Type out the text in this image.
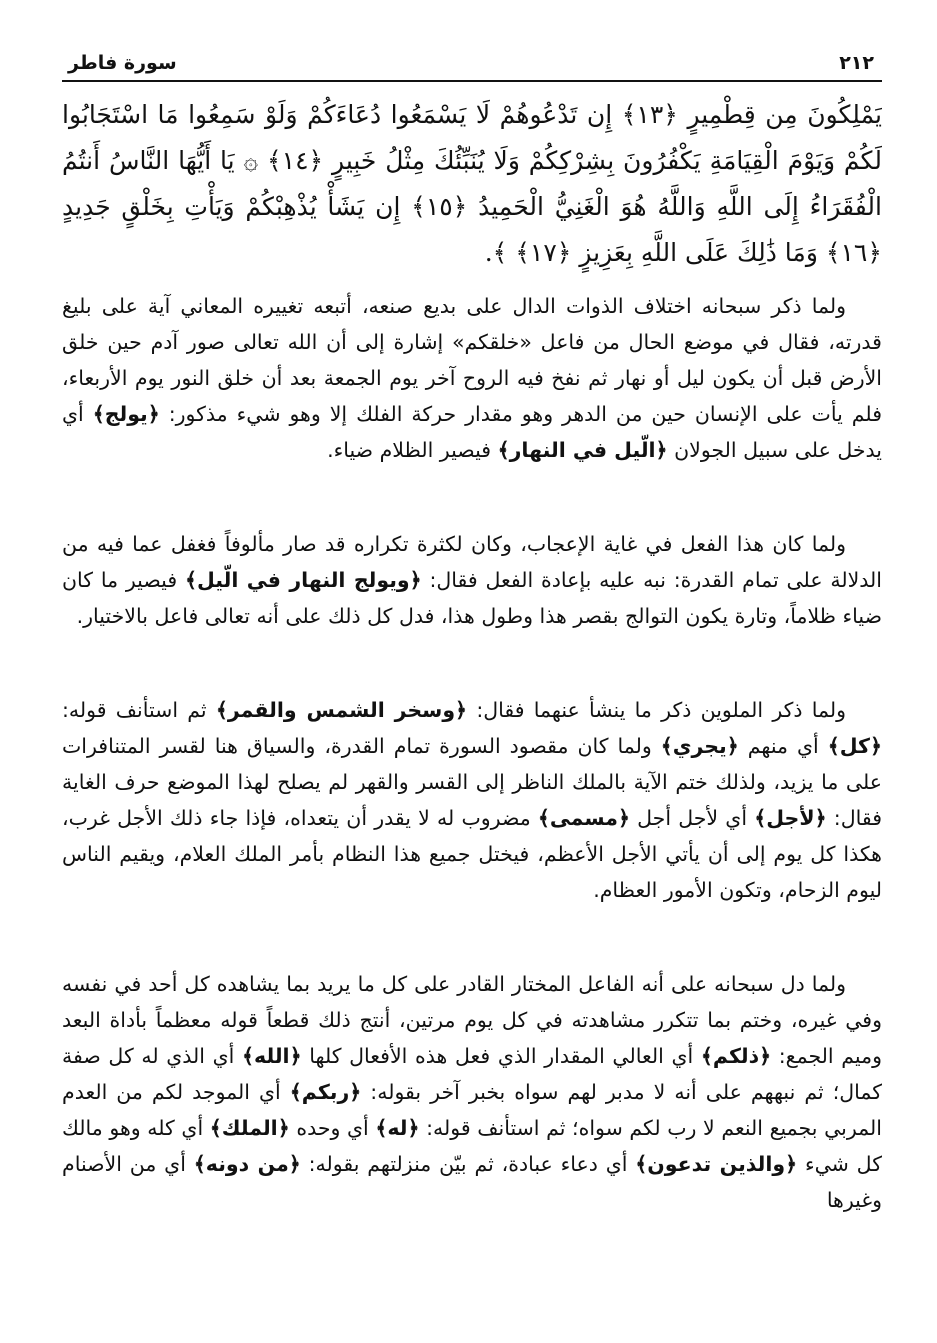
٢١٢
سورة فاطر
يَمْلِكُونَ مِن قِطْمِيرٍ ﴿١٣﴾ إِن تَدْعُوهُمْ لَا يَسْمَعُوا دُعَاءَكُمْ وَلَوْ سَمِعُوا مَا اسْتَجَابُوا لَكُمْ وَيَوْمَ الْقِيَامَةِ يَكْفُرُونَ بِشِرْكِكُمْ وَلَا يُنَبِّئُكَ مِثْلُ خَبِيرٍ ﴿١٤﴾ ۞ يَا أَيُّهَا النَّاسُ أَنتُمُ الْفُقَرَاءُ إِلَى اللَّهِ وَاللَّهُ هُوَ الْغَنِيُّ الْحَمِيدُ ﴿١٥﴾ إِن يَشَأْ يُذْهِبْكُمْ وَيَأْتِ بِخَلْقٍ جَدِيدٍ ﴿١٦﴾ وَمَا ذَٰلِكَ عَلَى اللَّهِ بِعَزِيزٍ ﴿١٧﴾ ﴾.
ولما ذكر سبحانه اختلاف الذوات الدال على بديع صنعه، أتبعه تغييره المعاني آية على بليغ قدرته، فقال في موضع الحال من فاعل «خلقكم» إشارة إلى أن الله تعالى صور آدم حين خلق الأرض قبل أن يكون ليل أو نهار ثم نفخ فيه الروح آخر يوم الجمعة بعد أن خلق النور يوم الأربعاء، فلم يأت على الإنسان حين من الدهر وهو مقدار حركة الفلك إلا وهو شيء مذكور: ﴿يولج﴾ أي يدخل على سبيل الجولان ﴿الّيل في النهار﴾ فيصير الظلام ضياء.
ولما كان هذا الفعل في غاية الإعجاب، وكان لكثرة تكراره قد صار مألوفاً فغفل عما فيه من الدلالة على تمام القدرة: نبه عليه بإعادة الفعل فقال: ﴿ويولج النهار في الّيل﴾ فيصير ما كان ضياء ظلاماً، وتارة يكون التوالج بقصر هذا وطول هذا، فدل كل ذلك على أنه تعالى فاعل بالاختيار.
ولما ذكر الملوين ذكر ما ينشأ عنهما فقال: ﴿وسخر الشمس والقمر﴾ ثم استأنف قوله: ﴿كل﴾ أي منهم ﴿يجري﴾ ولما كان مقصود السورة تمام القدرة، والسياق هنا لقسر المتنافرات على ما يزيد، ولذلك ختم الآية بالملك الناظر إلى القسر والقهر لم يصلح لهذا الموضع حرف الغاية فقال: ﴿لأجل﴾ أي لأجل أجل ﴿مسمى﴾ مضروب له لا يقدر أن يتعداه، فإذا جاء ذلك الأجل غرب، هكذا كل يوم إلى أن يأتي الأجل الأعظم، فيختل جميع هذا النظام بأمر الملك العلام، ويقيم الناس ليوم الزحام، وتكون الأمور العظام.
ولما دل سبحانه على أنه الفاعل المختار القادر على كل ما يريد بما يشاهده كل أحد في نفسه وفي غيره، وختم بما تتكرر مشاهدته في كل يوم مرتين، أنتج ذلك قطعاً قوله معظماً بأداة البعد وميم الجمع: ﴿ذلكم﴾ أي العالي المقدار الذي فعل هذه الأفعال كلها ﴿الله﴾ أي الذي له كل صفة كمال؛ ثم نبههم على أنه لا مدبر لهم سواه بخبر آخر بقوله: ﴿ربكم﴾ أي الموجد لكم من العدم المربي بجميع النعم لا رب لكم سواه؛ ثم استأنف قوله: ﴿له﴾ أي وحده ﴿الملك﴾ أي كله وهو مالك كل شيء ﴿والذين تدعون﴾ أي دعاء عبادة، ثم بيّن منزلتهم بقوله: ﴿من دونه﴾ أي من الأصنام وغيرها
